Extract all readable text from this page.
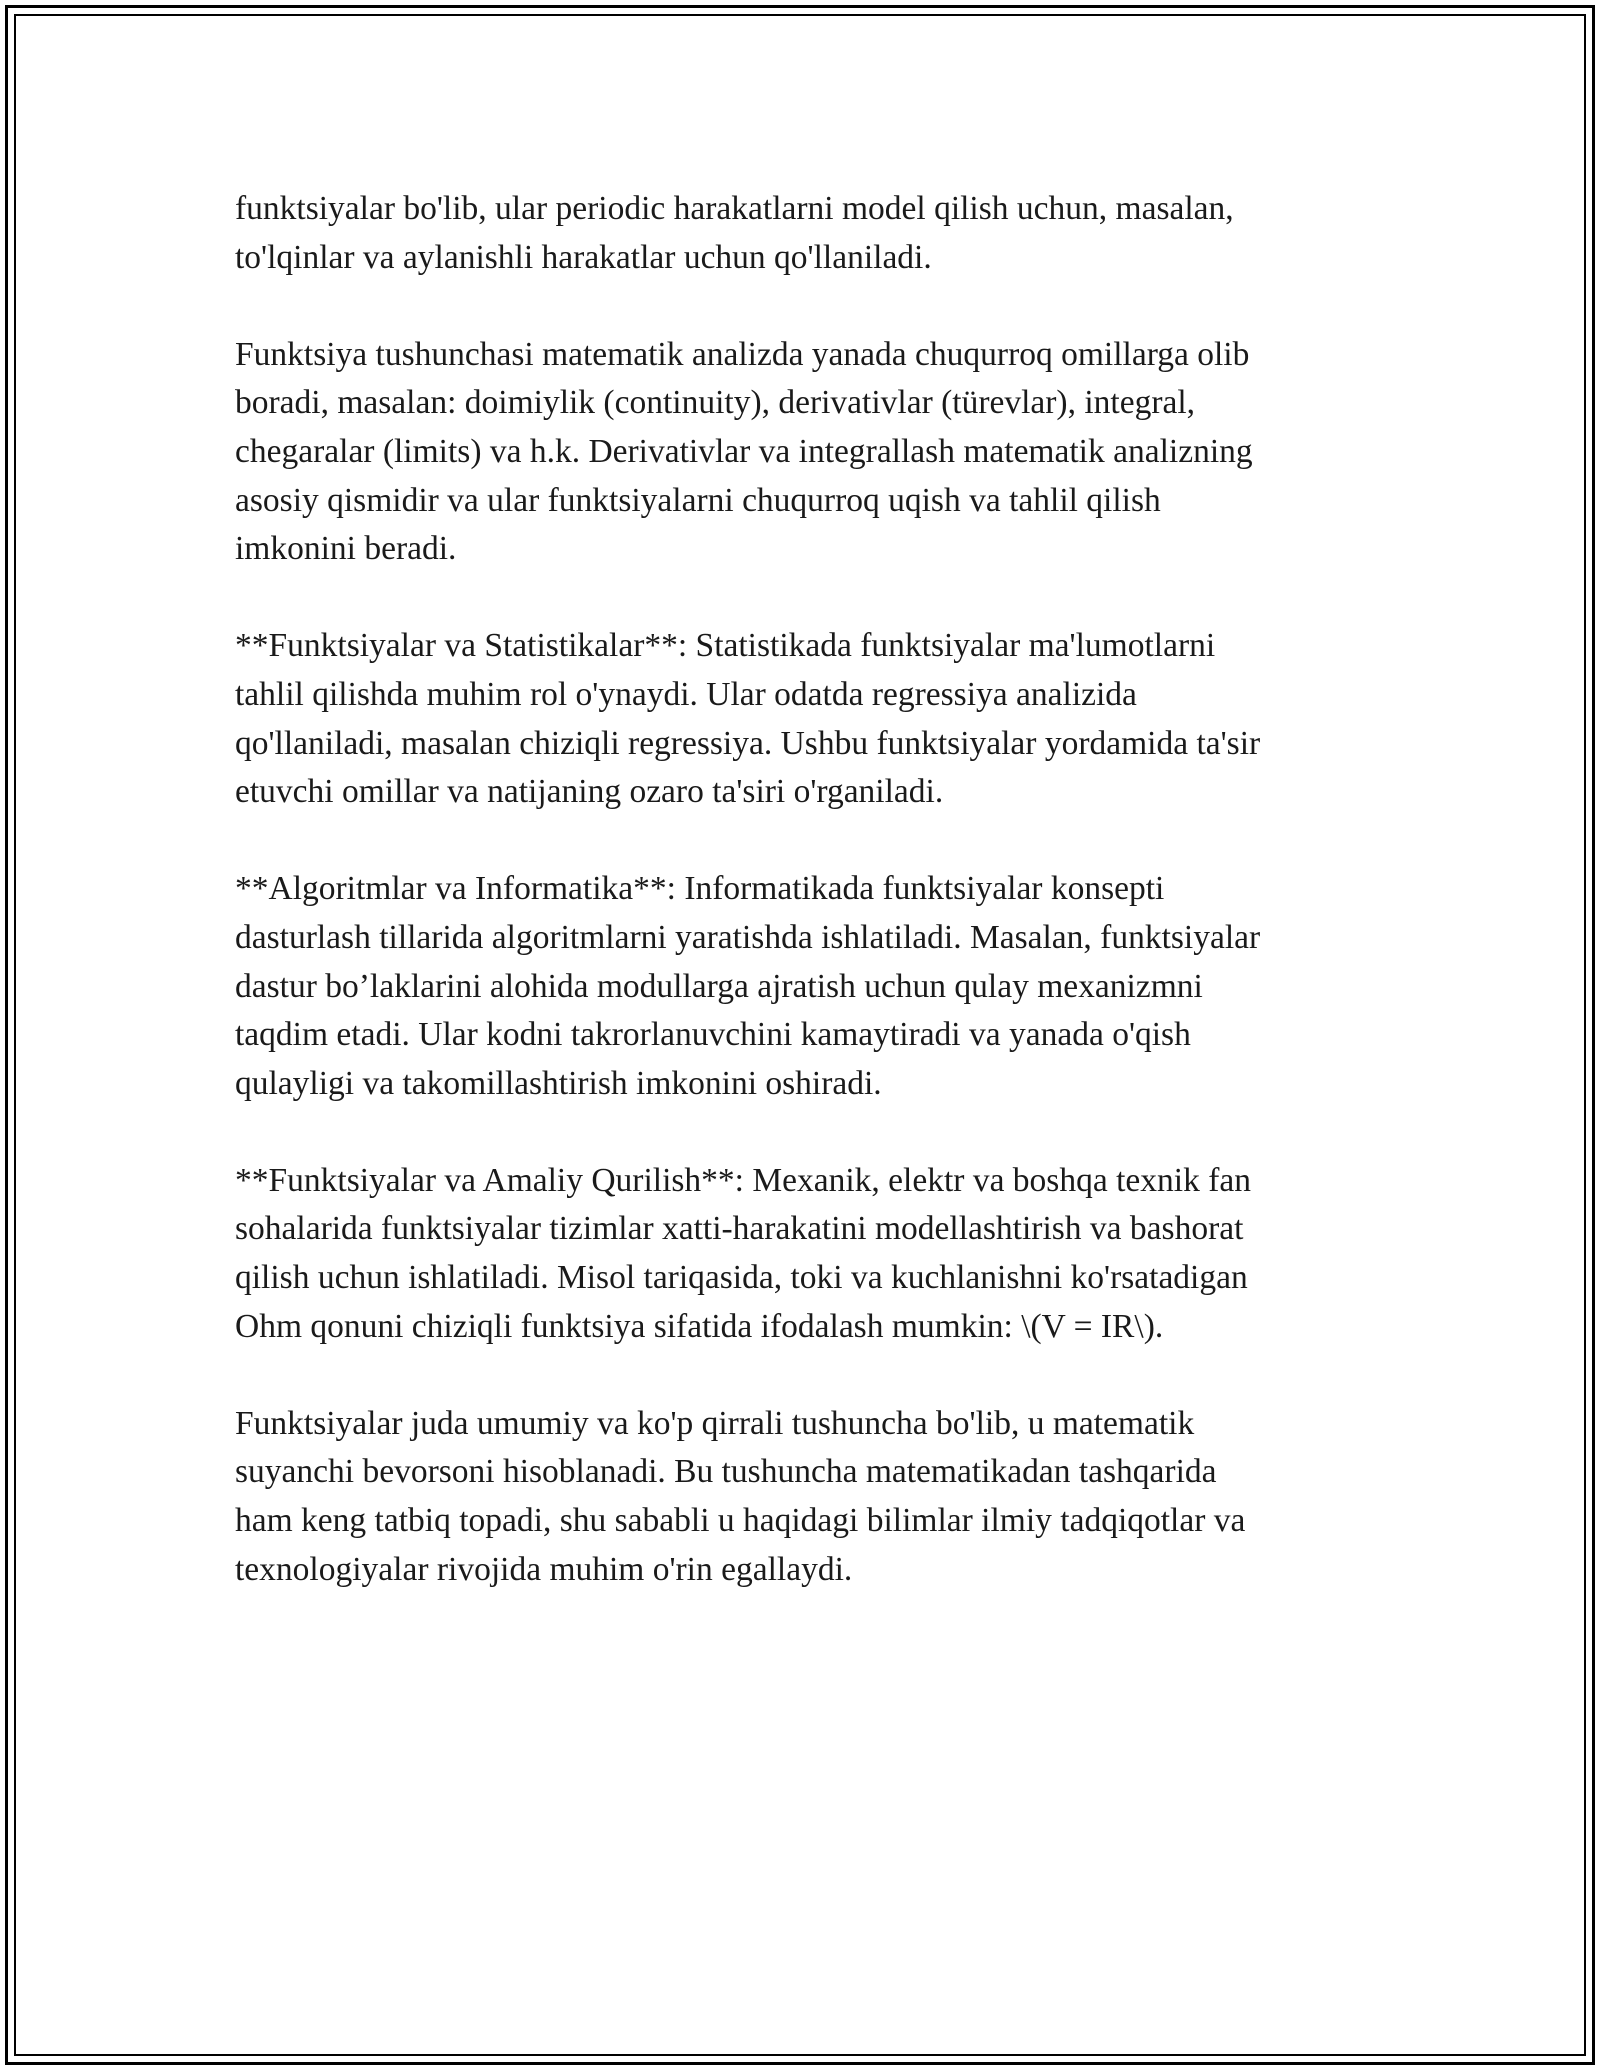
funktsiyalar bo'lib, ular periodic harakatlarni model qilish uchun, masalan,
to'lqinlar va aylanishli harakatlar uchun qo'llaniladi.

Funktsiya tushunchasi matematik analizda yanada chuqurroq omillarga olib
boradi, masalan: doimiylik (continuity), derivativlar (türevlar), integral,
chegaralar (limits) va h.k. Derivativlar va integrallash matematik analizning
asosiy qismidir va ular funktsiyalarni chuqurroq uqish va tahlil qilish
imkonini beradi.

**Funktsiyalar va Statistikalar**: Statistikada funktsiyalar ma'lumotlarni
tahlil qilishda muhim rol o'ynaydi. Ular odatda regressiya analizida
qo'llaniladi, masalan chiziqli regressiya. Ushbu funktsiyalar yordamida ta'sir
etuvchi omillar va natijaning ozaro ta'siri o'rganiladi.

**Algoritmlar va Informatika**: Informatikada funktsiyalar konsepti
dasturlash tillarida algoritmlarni yaratishda ishlatiladi. Masalan, funktsiyalar
dastur bo’laklarini alohida modullarga ajratish uchun qulay mexanizmni
taqdim etadi. Ular kodni takrorlanuvchini kamaytiradi va yanada o'qish
qulayligi va takomillashtirish imkonini oshiradi.

**Funktsiyalar va Amaliy Qurilish**: Mexanik, elektr va boshqa texnik fan
sohalarida funktsiyalar tizimlar xatti-harakatini modellashtirish va bashorat
qilish uchun ishlatiladi. Misol tariqasida, toki va kuchlanishni ko'rsatadigan
Ohm qonuni chiziqli funktsiya sifatida ifodalash mumkin: \(V = IR\).

Funktsiyalar juda umumiy va ko'p qirrali tushuncha bo'lib, u matematik
suyanchi bevorsoni hisoblanadi. Bu tushuncha matematikadan tashqarida
ham keng tatbiq topadi, shu sababli u haqidagi bilimlar ilmiy tadqiqotlar va
texnologiyalar rivojida muhim o'rin egallaydi.
